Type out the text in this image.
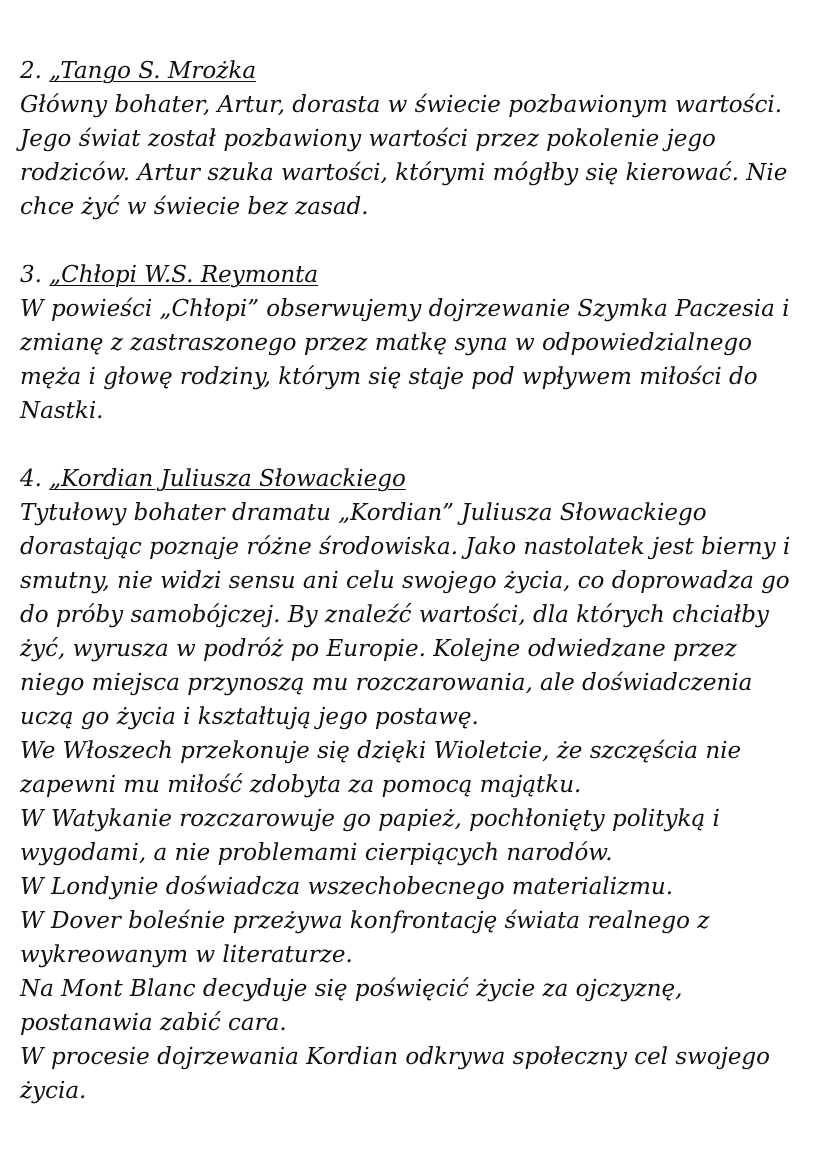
2. „Tango S. Mrożka
Główny bohater, Artur, dorasta w świecie pozbawionym wartości.
Jego świat został pozbawiony wartości przez pokolenie jego
rodziców. Artur szuka wartości, którymi mógłby się kierować. Nie
chce żyć w świecie bez zasad.
3. „Chłopi W.S. Reymonta
W powieści „Chłopi” obserwujemy dojrzewanie Szymka Paczesia i
zmianę z zastraszonego przez matkę syna w odpowiedzialnego
męża i głowę rodziny, którym się staje pod wpływem miłości do
Nastki.
4. „Kordian Juliusza Słowackiego
Tytułowy bohater dramatu „Kordian” Juliusza Słowackiego
dorastając poznaje różne środowiska. Jako nastolatek jest bierny i
smutny, nie widzi sensu ani celu swojego życia, co doprowadza go
do próby samobójczej. By znaleźć wartości, dla których chciałby
żyć, wyrusza w podróż po Europie. Kolejne odwiedzane przez
niego miejsca przynoszą mu rozczarowania, ale doświadczenia
uczą go życia i kształtują jego postawę.
We Włoszech przekonuje się dzięki Wioletcie, że szczęścia nie
zapewni mu miłość zdobyta za pomocą majątku.
W Watykanie rozczarowuje go papież, pochłonięty polityką i
wygodami, a nie problemami cierpiących narodów.
W Londynie doświadcza wszechobecnego materializmu.
W Dover boleśnie przeżywa konfrontację świata realnego z
wykreowanym w literaturze.
Na Mont Blanc decyduje się poświęcić życie za ojczyznę,
postanawia zabić cara.
W procesie dojrzewania Kordian odkrywa społeczny cel swojego
życia.
